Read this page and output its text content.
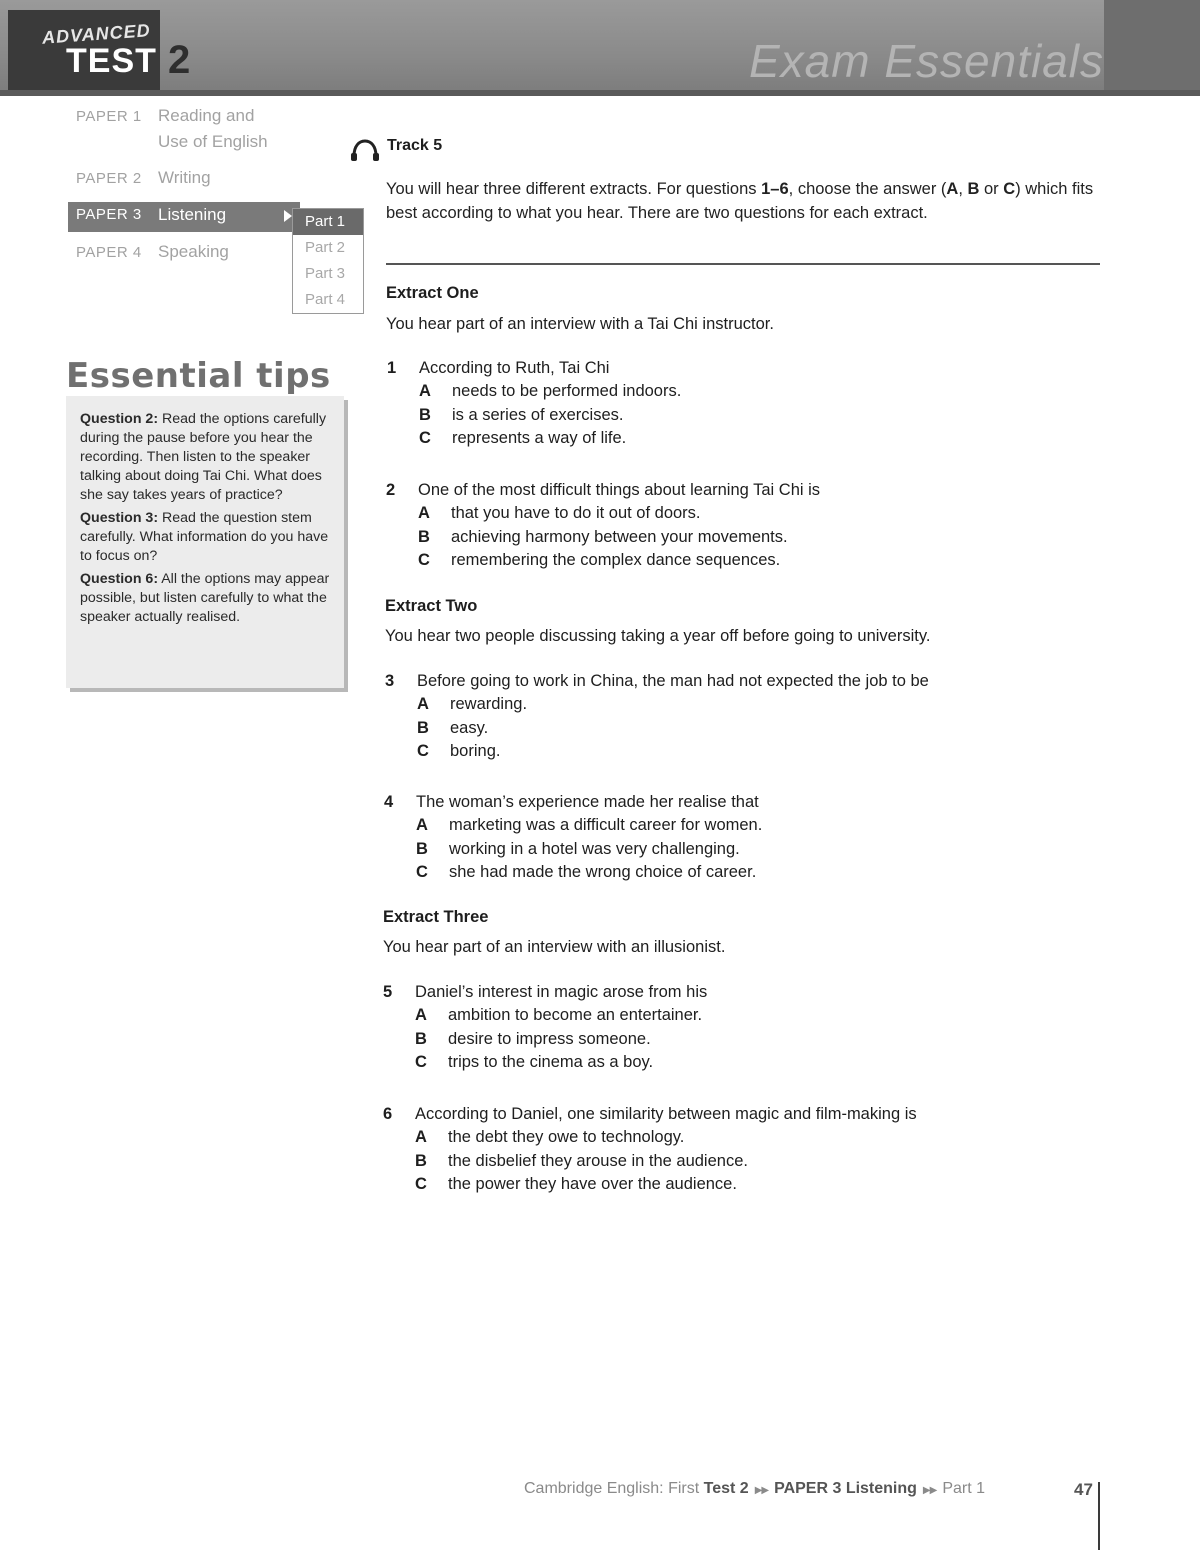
ADVANCED
TEST 2	Exam Essentials
PAPER 1 Reading and
Use of English
PAPER 2 Writing
PAPER 3 Listening
PAPER 4 Speaking
Part 1
Part 2
Part 3
Part 4
Essential tips
Question 2: Read the options carefully during the pause before you hear the recording. Then listen to the speaker talking about doing Tai Chi. What does she say takes years of practice?
Question 3: Read the question stem carefully. What information do you have to focus on?
Question 6: All the options may appear possible, but listen carefully to what the speaker actually realised.
Track 5
You will hear three different extracts. For questions 1–6, choose the answer (A, B or C) which fits best according to what you hear. There are two questions for each extract.
Extract One
You hear part of an interview with a Tai Chi instructor.
1 According to Ruth, Tai Chi
A needs to be performed indoors.
B is a series of exercises.
C represents a way of life.
2 One of the most difficult things about learning Tai Chi is
A that you have to do it out of doors.
B achieving harmony between your movements.
C remembering the complex dance sequences.
Extract Two
You hear two people discussing taking a year off before going to university.
3 Before going to work in China, the man had not expected the job to be
A rewarding.
B easy.
C boring.
4 The woman’s experience made her realise that
A marketing was a difficult career for women.
B working in a hotel was very challenging.
C she had made the wrong choice of career.
Extract Three
You hear part of an interview with an illusionist.
5 Daniel’s interest in magic arose from his
A ambition to become an entertainer.
B desire to impress someone.
C trips to the cinema as a boy.
6 According to Daniel, one similarity between magic and film-making is
A the debt they owe to technology.
B the disbelief they arouse in the audience.
C the power they have over the audience.
Cambridge English: First Test 2 ▶▶ PAPER 3 Listening ▶▶ Part 1	47
